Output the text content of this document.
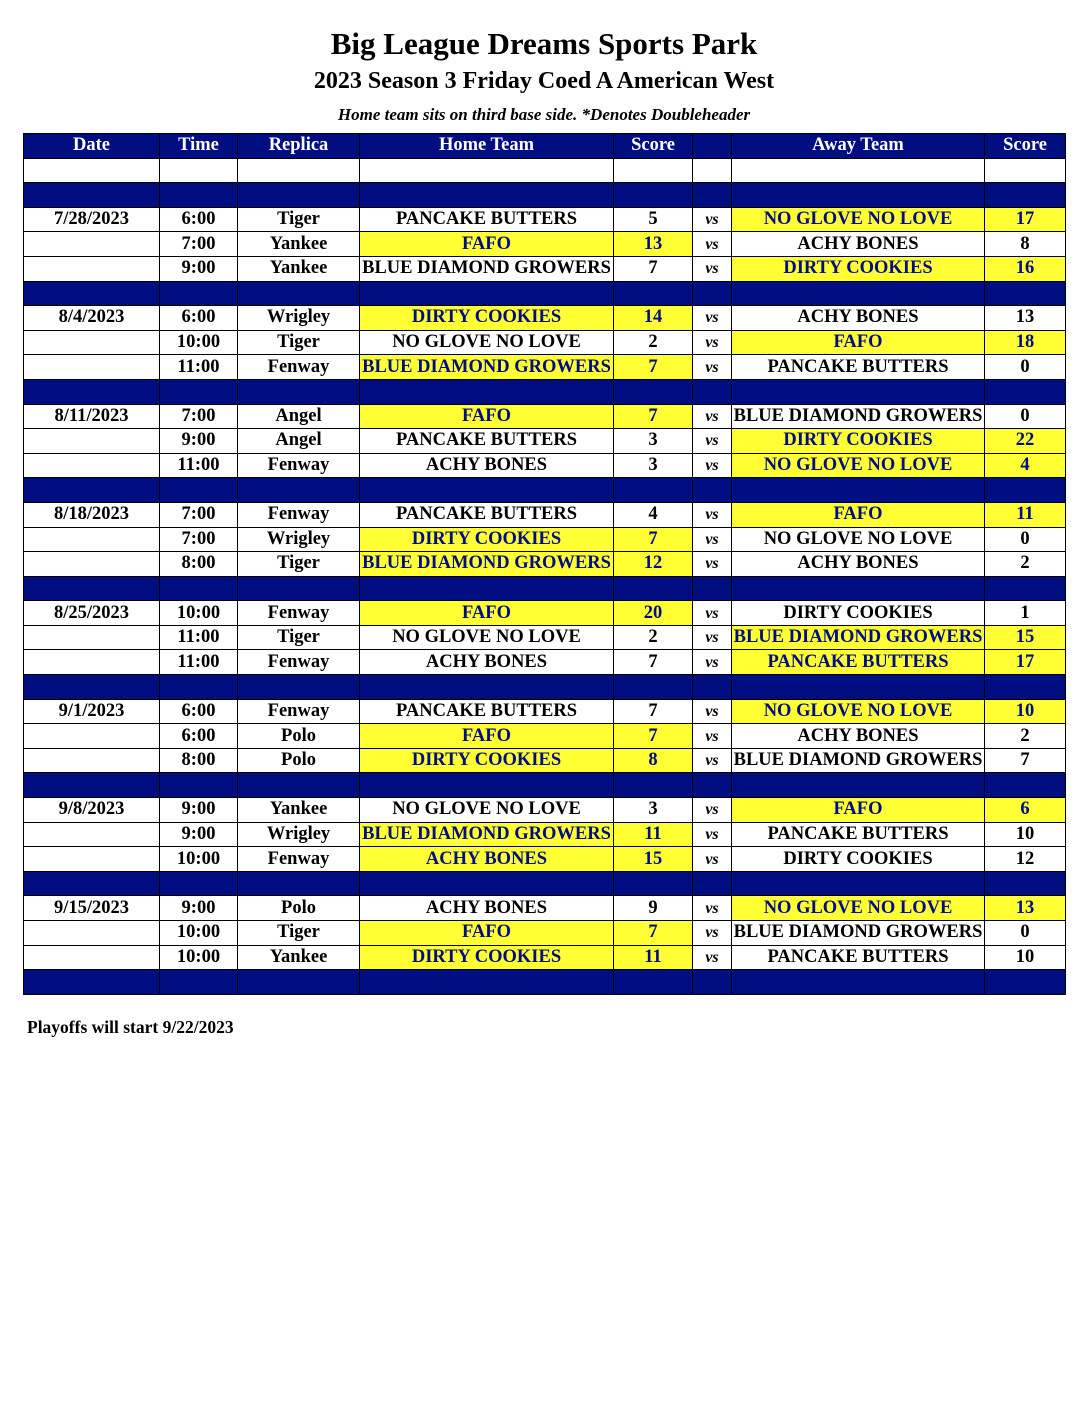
Big League Dreams Sports Park
2023 Season 3 Friday Coed A American West
Home team sits on third base side. *Denotes Doubleheader
Date	Time	Replica	Home Team	Score		Away Team	Score

7/28/2023	6:00	Tiger	PANCAKE BUTTERS	5	vs	NO GLOVE NO LOVE	17
	7:00	Yankee	FAFO	13	vs	ACHY BONES	8
	9:00	Yankee	BLUE DIAMOND GROWERS	7	vs	DIRTY COOKIES	16

8/4/2023	6:00	Wrigley	DIRTY COOKIES	14	vs	ACHY BONES	13
	10:00	Tiger	NO GLOVE NO LOVE	2	vs	FAFO	18
	11:00	Fenway	BLUE DIAMOND GROWERS	7	vs	PANCAKE BUTTERS	0

8/11/2023	7:00	Angel	FAFO	7	vs	BLUE DIAMOND GROWERS	0
	9:00	Angel	PANCAKE BUTTERS	3	vs	DIRTY COOKIES	22
	11:00	Fenway	ACHY BONES	3	vs	NO GLOVE NO LOVE	4

8/18/2023	7:00	Fenway	PANCAKE BUTTERS	4	vs	FAFO	11
	7:00	Wrigley	DIRTY COOKIES	7	vs	NO GLOVE NO LOVE	0
	8:00	Tiger	BLUE DIAMOND GROWERS	12	vs	ACHY BONES	2

8/25/2023	10:00	Fenway	FAFO	20	vs	DIRTY COOKIES	1
	11:00	Tiger	NO GLOVE NO LOVE	2	vs	BLUE DIAMOND GROWERS	15
	11:00	Fenway	ACHY BONES	7	vs	PANCAKE BUTTERS	17

9/1/2023	6:00	Fenway	PANCAKE BUTTERS	7	vs	NO GLOVE NO LOVE	10
	6:00	Polo	FAFO	7	vs	ACHY BONES	2
	8:00	Polo	DIRTY COOKIES	8	vs	BLUE DIAMOND GROWERS	7

9/8/2023	9:00	Yankee	NO GLOVE NO LOVE	3	vs	FAFO	6
	9:00	Wrigley	BLUE DIAMOND GROWERS	11	vs	PANCAKE BUTTERS	10
	10:00	Fenway	ACHY BONES	15	vs	DIRTY COOKIES	12

9/15/2023	9:00	Polo	ACHY BONES	9	vs	NO GLOVE NO LOVE	13
	10:00	Tiger	FAFO	7	vs	BLUE DIAMOND GROWERS	0
	10:00	Yankee	DIRTY COOKIES	11	vs	PANCAKE BUTTERS	10

Playoffs will start 9/22/2023
